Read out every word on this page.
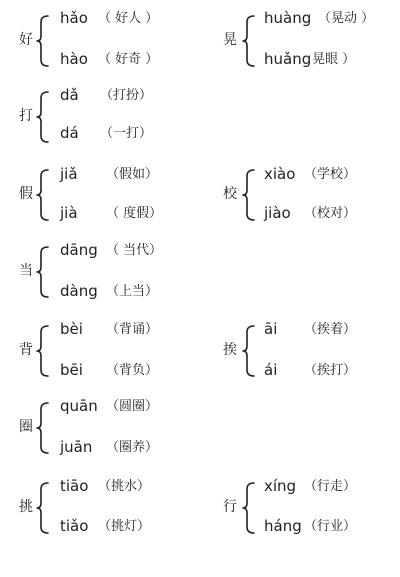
好
hǎo （ 好人 ）
hào （ 好奇 ）
晃
huàng （晃动 ）
huǎng 晃眼 ）
打
dǎ （打扮）
dá （一打）
假
jiǎ （假如）
jià （ 度假）
校
xiào （学校）
jiào （校对）
当
dāng （ 当代）
dàng （上当）
背
bèi （背诵）
bēi （背负）
挨
āi （挨着）
ái （挨打）
圈
quān （圆圈）
juān （圈养）
挑
tiāo （挑水）
tiǎo （挑灯）
行
xíng （行走）
háng （行业）
